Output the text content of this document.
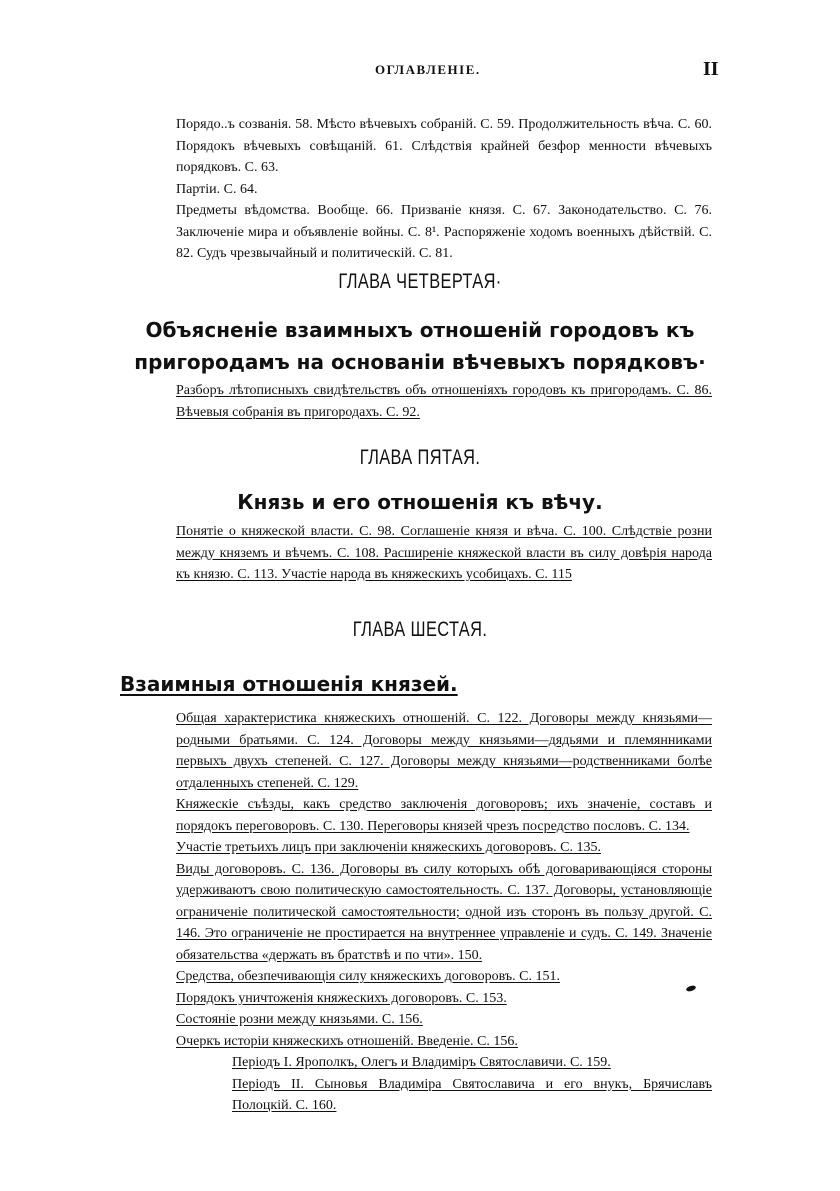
ОГЛАВЛЕНІЕ.	II

Порядо..ъ созванія. 58. Мѣсто вѣчевыхъ собраній. С. 59. Продолжительность вѣча. С. 60. Порядокъ вѣчевыхъ совѣщаній. 61. Слѣдствія крайней безфор менности вѣчевыхъ порядковъ. С. 63.

Партіи. С. 64.

Предметы вѣдомства. Вообще. 66. Призваніе князя. С. 67. Законодательство. С. 76. Заключеніе мира и объявленіе войны. С. 8¹. Распоряженіе ходомъ военныхъ дѣйствій. С. 82. Судъ чрезвычайный и политическій. С. 81.

ГЛАВА ЧЕТВЕРТАЯ·
Объясненіе взаимныхъ отношеній городовъ къ пригородамъ на основаніи вѣчевыхъ порядковъ·

Разборъ лѣтописныхъ свидѣтельствъ объ отношеніяхъ городовъ къ пригородамъ. С. 86. Вѣчевыя собранія въ пригородахъ. С. 92.

ГЛАВА ПЯТАЯ.
Князь и его отношенія къ вѣчу.

Понятіе о княжеской власти. С. 98. Соглашеніе князя и вѣча. С. 100. Слѣдствіе розни между княземъ и вѣчемъ. С. 108. Расширеніе княжеской власти въ силу довѣрія народа къ князю. С. 113. Участіе народа въ княжескихъ усобицахъ. С. 115

ГЛАВА ШЕСТАЯ.
Взаимныя отношенія князей.

Общая характеристика княжескихъ отношеній. С. 122. Договоры между князьями—родными братьями. С. 124. Договоры между князьями—дядьями и племянниками первыхъ двухъ степеней. С. 127. Договоры между князьями—родственниками болѣе отдаленныхъ степеней. С. 129.

Княжескіе съѣзды, какъ средство заключенія договоровъ; ихъ значеніе, составъ и порядокъ переговоровъ. С. 130. Переговоры князей чрезъ посредство пословъ. С. 134.

Участіе третьихъ лицъ при заключеніи княжескихъ договоровъ. С. 135.

Виды договоровъ. С. 136. Договоры въ силу которыхъ обѣ договаривающіяся стороны удерживаютъ свою политическую самостоятельность. С. 137. Договоры, установляющіе ограниченіе политической самостоятельности; одной изъ сторонъ въ пользу другой. С. 146. Это ограниченіе не простирается на внутреннее управленіе и судъ. С. 149. Значеніе обязательства «держать въ братствѣ и по чти». 150.

Средства, обезпечивающія силу княжескихъ договоровъ. С. 151.

Порядокъ уничтоженія княжескихъ договоровъ. С. 153.

Состояніе розни между князьями. С. 156.

Очеркъ исторіи княжескихъ отношеній. Введеніе. С. 156.

Періодъ I. Ярополкъ, Олегъ и Владиміръ Святославичи. С. 159.

Періодъ II. Сыновья Владиміра Святославича и его внукъ, Брячиславъ Полоцкій. С. 160.
